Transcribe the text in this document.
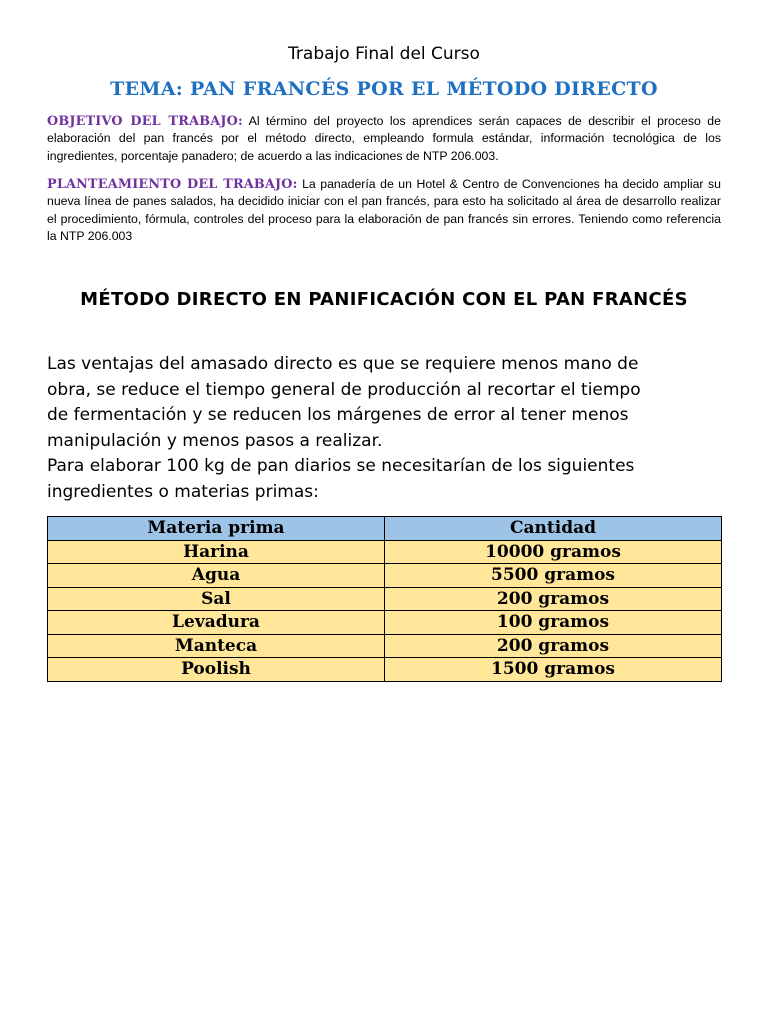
Trabajo Final del Curso
TEMA: PAN FRANCÉS POR EL MÉTODO DIRECTO
OBJETIVO DEL TRABAJO: Al término del proyecto los aprendices serán capaces de describir el proceso de elaboración del pan francés por el método directo, empleando formula estándar, información tecnológica de los ingredientes, porcentaje panadero; de acuerdo a las indicaciones de NTP 206.003.
PLANTEAMIENTO DEL TRABAJO: La panadería de un Hotel & Centro de Convenciones ha decido ampliar su nueva línea de panes salados, ha decidido iniciar con el pan francés, para esto ha solicitado al área de desarrollo realizar el procedimiento, fórmula, controles del proceso para la elaboración de pan francés sin errores. Teniendo como referencia la NTP 206.003
MÉTODO DIRECTO EN PANIFICACIÓN CON EL PAN FRANCÉS
Las ventajas del amasado directo es que se requiere menos mano de obra, se reduce el tiempo general de producción al recortar el tiempo de fermentación y se reducen los márgenes de error al tener menos manipulación y menos pasos a realizar.
Para elaborar 100 kg de pan diarios se necesitarían de los siguientes ingredientes o materias primas:
Materia prima	Cantidad
Harina	10000 gramos
Agua	5500 gramos
Sal	200 gramos
Levadura	100 gramos
Manteca	200 gramos
Poolish	1500 gramos
